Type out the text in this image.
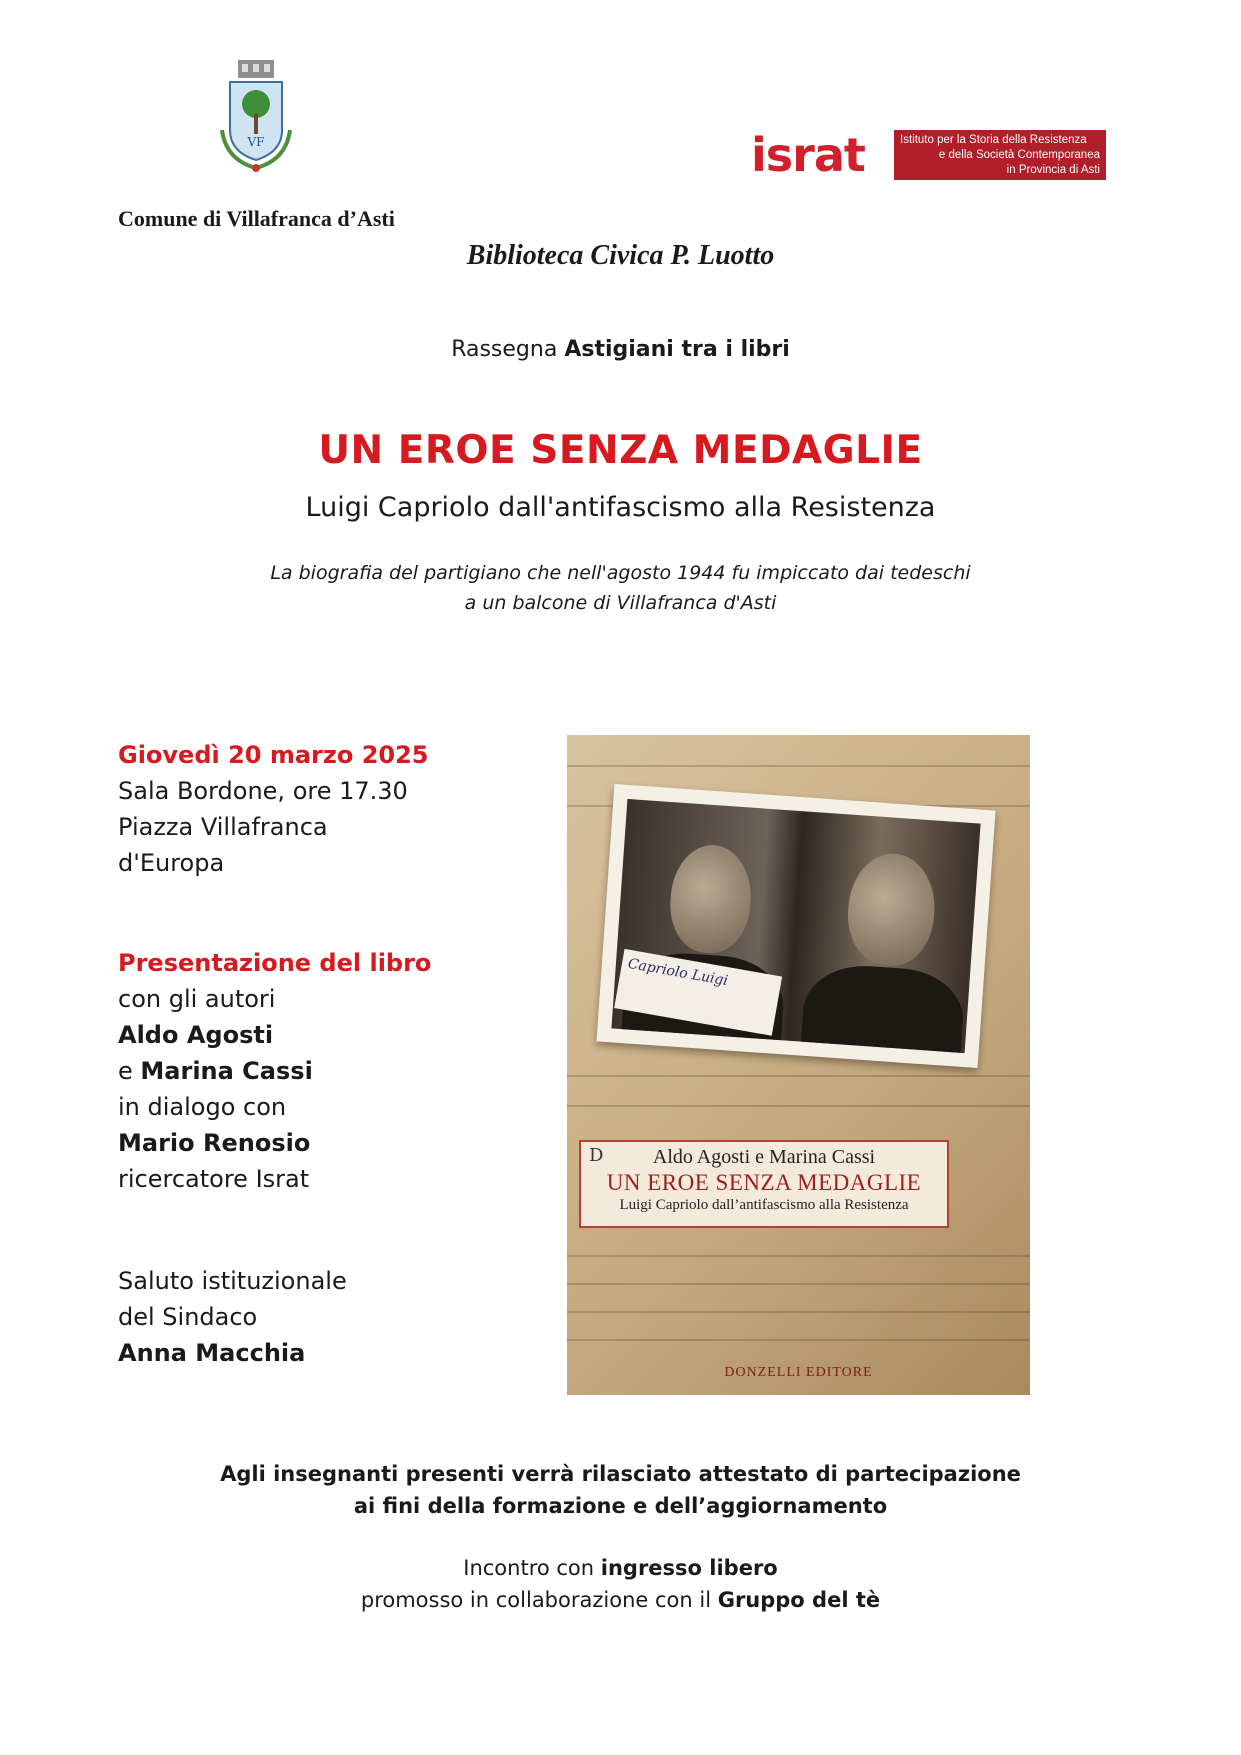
VF	israt	Istituto per la Storia della Resistenza
e della Società Contemporanea
in Provincia di Asti
Comune di Villafranca d’Asti
Biblioteca Civica P. Luotto
Rassegna Astigiani tra i libri
UN EROE SENZA MEDAGLIE
Luigi Capriolo dall'antifascismo alla Resistenza
La biografia del partigiano che nell'agosto 1944 fu impiccato dai tedeschi
a un balcone di Villafranca d'Asti
Giovedì 20 marzo 2025
Sala Bordone, ore 17.30
Piazza Villafranca
d'Europa
Presentazione del libro
con gli autori
Aldo Agosti
e Marina Cassi
in dialogo con
Mario Renosio
ricercatore Israt
Saluto istituzionale
del Sindaco
Anna Macchia
Capriolo Luigi
D	Aldo Agosti e Marina Cassi
UN EROE SENZA MEDAGLIE
Luigi Capriolo dall’antifascismo alla Resistenza
DONZELLI EDITORE
Agli insegnanti presenti verrà rilasciato attestato di partecipazione
ai fini della formazione e dell’aggiornamento
Incontro con ingresso libero
promosso in collaborazione con il Gruppo del tè
